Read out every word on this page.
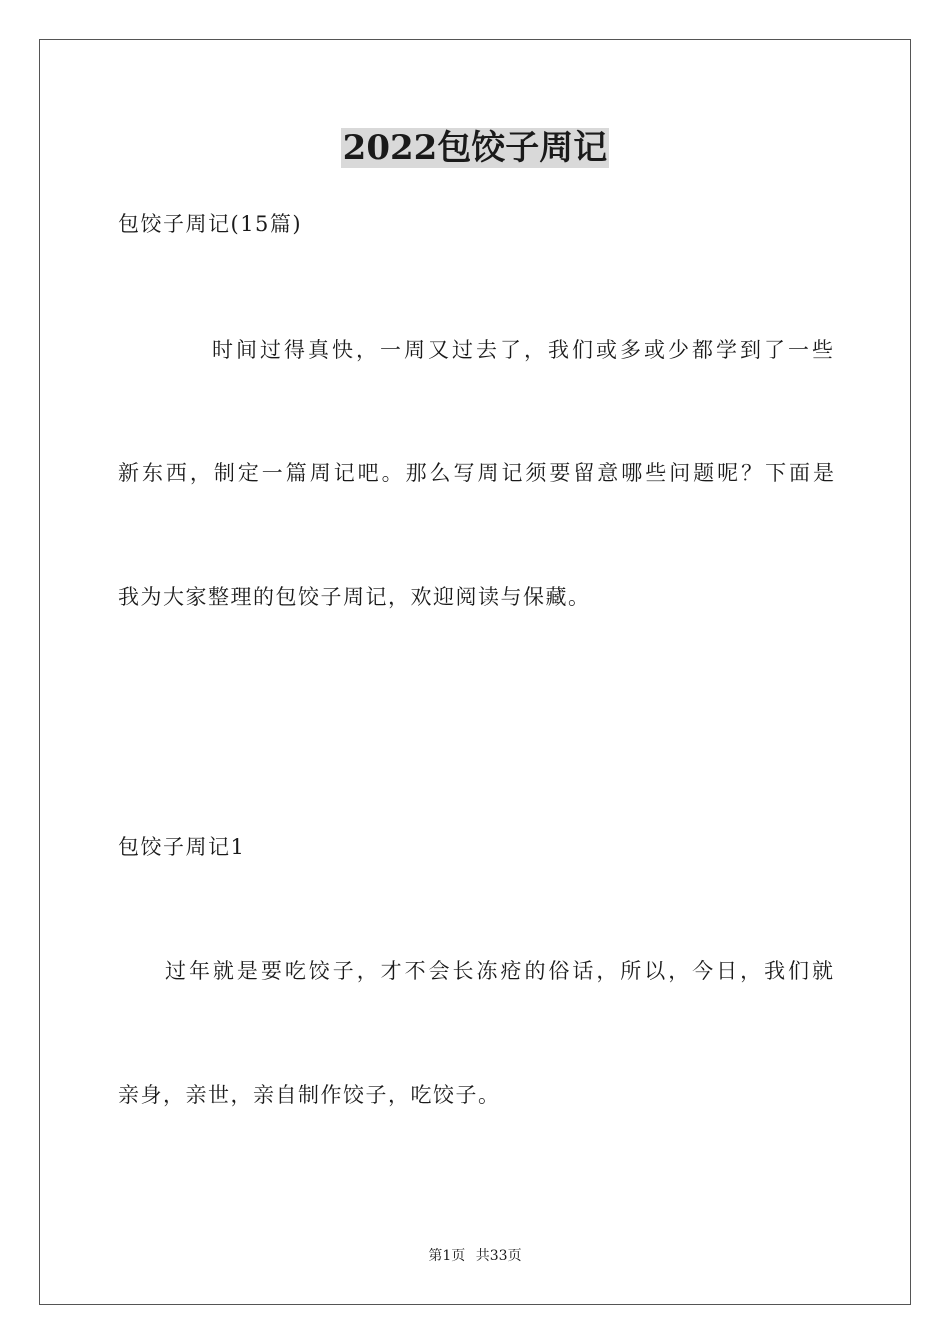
2022包饺子周记
包饺子周记(15篇)
时间过得真快，一周又过去了，我们或多或少都学到了一些
新东西，制定一篇周记吧。那么写周记须要留意哪些问题呢？下面是
我为大家整理的包饺子周记，欢迎阅读与保藏。
包饺子周记1
过年就是要吃饺子，才不会长冻疮的俗话，所以，今日，我们就
亲身，亲世，亲自制作饺子，吃饺子。
第1页 共33页
